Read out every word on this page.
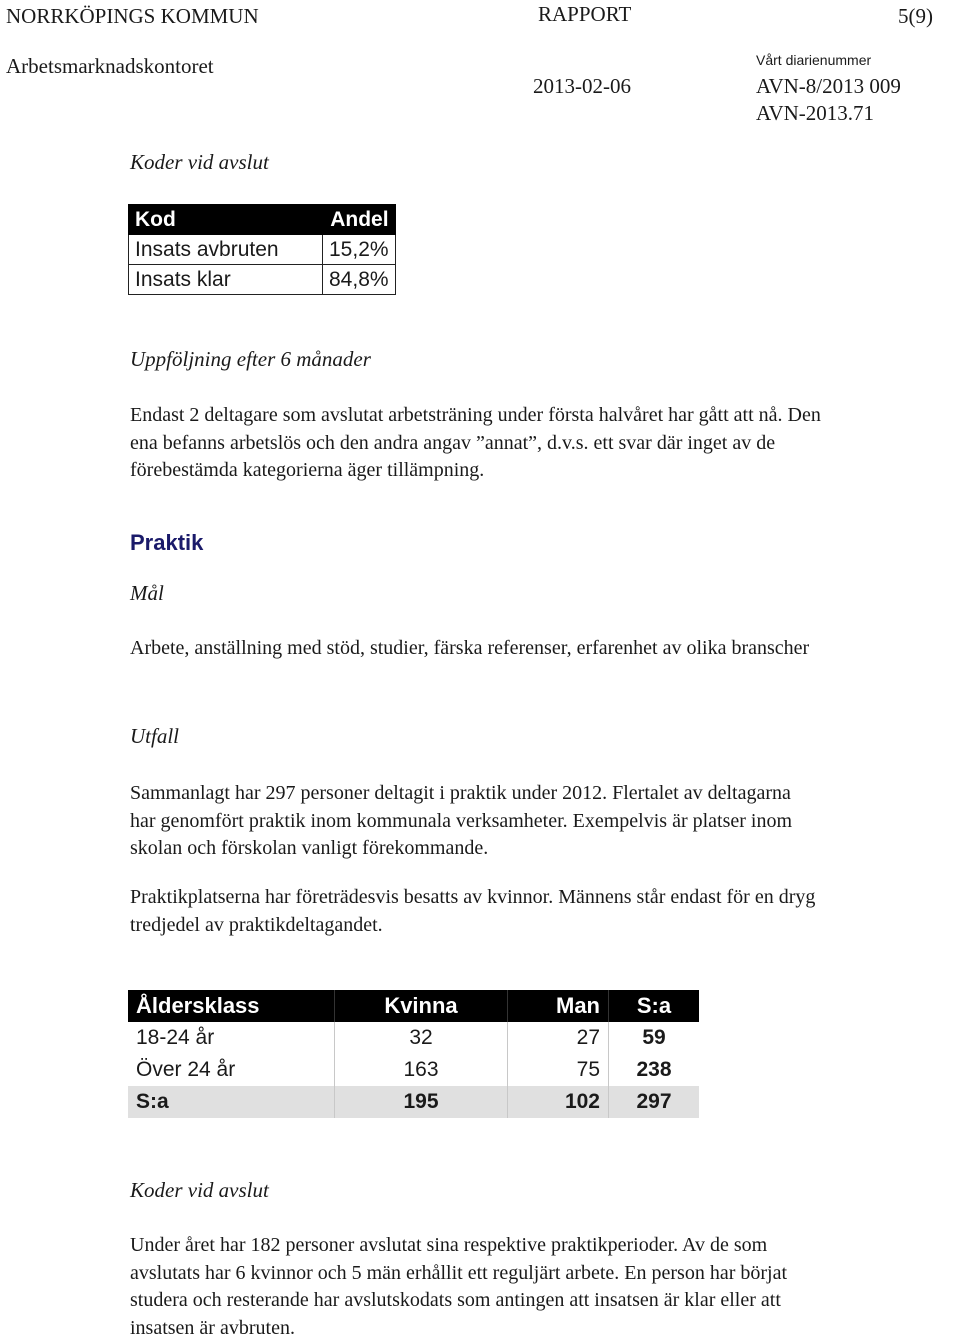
NORRKÖPINGS KOMMUN	RAPPORT	5(9)
Arbetsmarknadskontoret	Vårt diarienummer
2013-02-06	AVN-8/2013 009
AVN-2013.71
Koder vid avslut
Kod	Andel
Insats avbruten	15,2%
Insats klar	84,8%
Uppföljning efter 6 månader
Endast 2 deltagare som avslutat arbetsträning under första halvåret har gått att nå. Den ena befanns arbetslös och den andra angav ”annat”, d.v.s. ett svar där inget av de förebestämda kategorierna äger tillämpning.
Praktik
Mål
Arbete, anställning med stöd, studier, färska referenser, erfarenhet av olika branscher
Utfall
Sammanlagt har 297 personer deltagit i praktik under 2012. Flertalet av deltagarna har genomfört praktik inom kommunala verksamheter. Exempelvis är platser inom skolan och förskolan vanligt förekommande.
Praktikplatserna har företrädesvis besatts av kvinnor. Männens står endast för en dryg tredjedel av praktikdeltagandet.
Åldersklass	Kvinna	Man	S:a
18-24 år	32	27	59
Över 24 år	163	75	238
S:a	195	102	297
Koder vid avslut
Under året har 182 personer avslutat sina respektive praktikperioder. Av de som avslutats har 6 kvinnor och 5 män erhållit ett reguljärt arbete. En person har börjat studera och resterande har avslutskodats som antingen att insatsen är klar eller att insatsen är avbruten.
